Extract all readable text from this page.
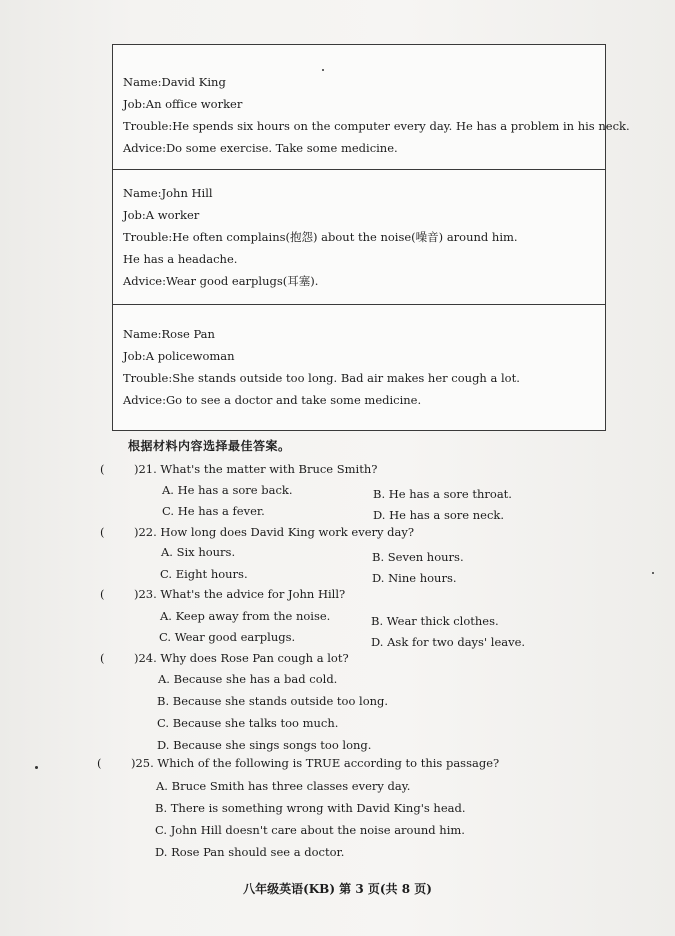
Name:David King
Job:An office worker
Trouble:He spends six hours on the computer every day. He has a problem in his neck.
Advice:Do some exercise. Take some medicine.
Name:John Hill
Job:A worker
Trouble:He often complains(抱怨) about the noise(噪音) around him.
He has a headache.
Advice:Wear good earplugs(耳塞).
Name:Rose Pan
Job:A policewoman
Trouble:She stands outside too long. Bad air makes her cough a lot.
Advice:Go to see a doctor and take some medicine.
根据材料内容选择最佳答案。
(	)21. What's the matter with Bruce Smith?
A. He has a sore back.	B. He has a sore throat.
C. He has a fever.	D. He has a sore neck.
(	)22. How long does David King work every day?
A. Six hours.	B. Seven hours.
C. Eight hours.	D. Nine hours.
(	)23. What's the advice for John Hill?
A. Keep away from the noise.	B. Wear thick clothes.
C. Wear good earplugs.	D. Ask for two days' leave.
(	)24. Why does Rose Pan cough a lot?
A. Because she has a bad cold.
B. Because she stands outside too long.
C. Because she talks too much.
D. Because she sings songs too long.
(	)25. Which of the following is TRUE according to this passage?
A. Bruce Smith has three classes every day.
B. There is something wrong with David King's head.
C. John Hill doesn't care about the noise around him.
D. Rose Pan should see a doctor.
八年级英语(KB) 第 3 页(共 8 页)
